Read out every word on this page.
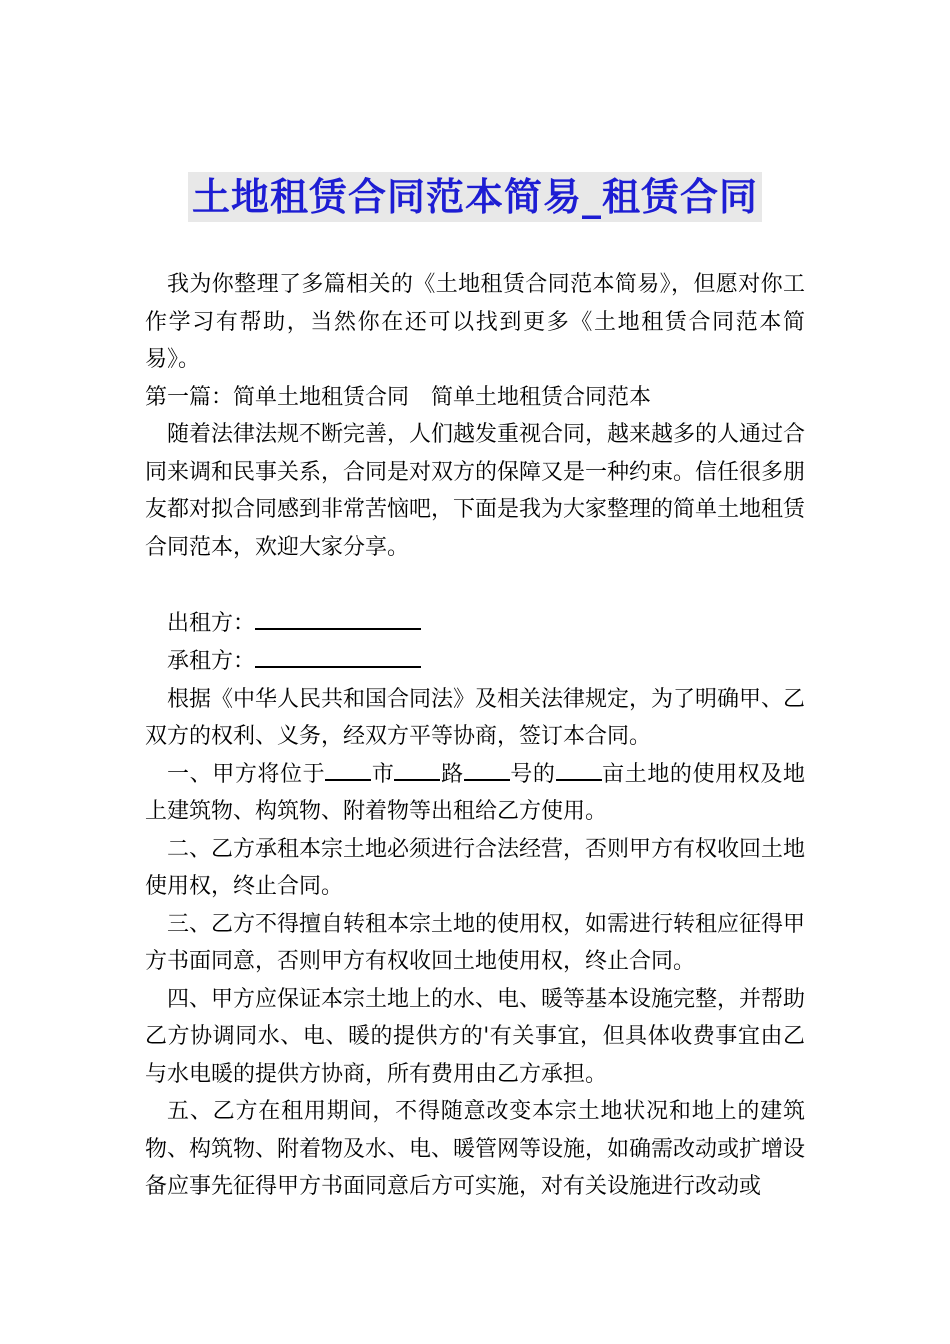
土地租赁合同范本简易_租赁合同

我为你整理了多篇相关的《土地租赁合同范本简易》，但愿对你工作学习有帮助，当然你在还可以找到更多《土地租赁合同范本简易》。

第一篇：简单土地租赁合同　简单土地租赁合同范本

随着法律法规不断完善，人们越发重视合同，越来越多的人通过合同来调和民事关系，合同是对双方的保障又是一种约束。信任很多朋友都对拟合同感到非常苦恼吧，下面是我为大家整理的简单土地租赁合同范本，欢迎大家分享。

出租方：

承租方：

根据《中华人民共和国合同法》及相关法律规定，为了明确甲、乙双方的权利、义务，经双方平等协商，签订本合同。

一、甲方将位于 市 路 号的 亩土地的使用权及地上建筑物、构筑物、附着物等出租给乙方使用。

二、乙方承租本宗土地必须进行合法经营，否则甲方有权收回土地使用权，终止合同。

三、乙方不得擅自转租本宗土地的使用权，如需进行转租应征得甲方书面同意，否则甲方有权收回土地使用权，终止合同。

四、甲方应保证本宗土地上的水、电、暖等基本设施完整，并帮助乙方协调同水、电、暖的提供方的'有关事宜，但具体收费事宜由乙与水电暖的提供方协商，所有费用由乙方承担。

五、乙方在租用期间，不得随意改变本宗土地状况和地上的建筑物、构筑物、附着物及水、电、暖管网等设施，如确需改动或扩增设备应事先征得甲方书面同意后方可实施，对有关设施进行改动或
